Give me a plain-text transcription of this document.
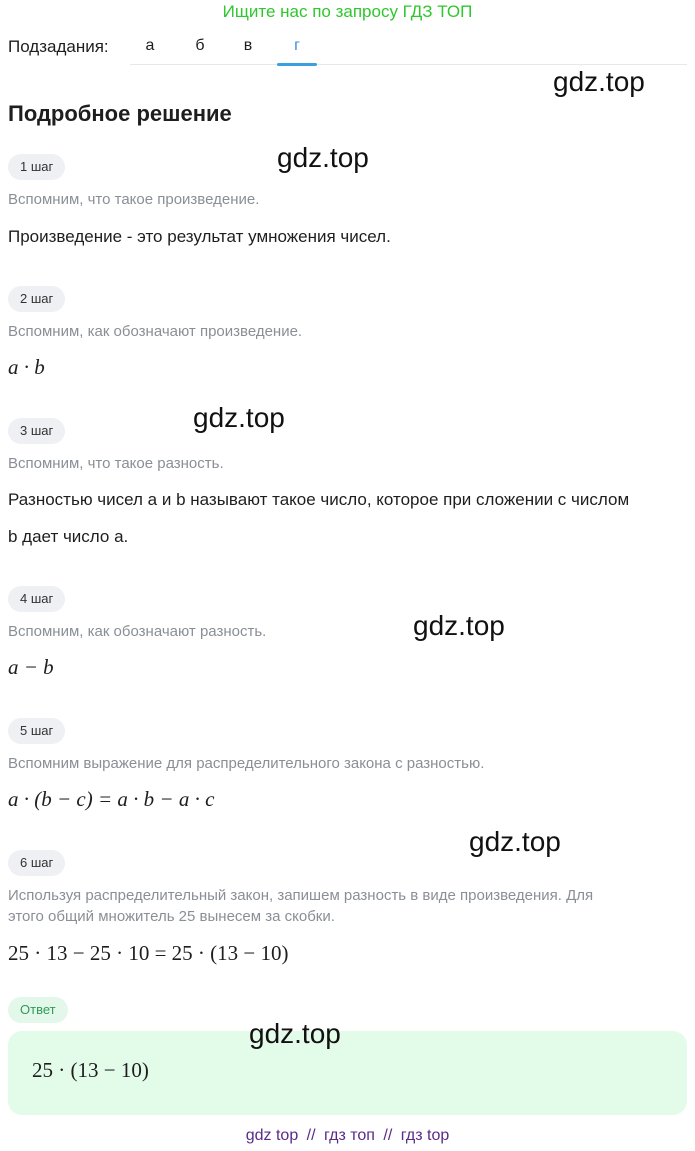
Ищите нас по запросу ГДЗ ТОП
Подзадания:	а	б	в	г
gdz.top
Подробное решение
gdz.top
1 шаг
Вспомним, что такое произведение.
Произведение - это результат умножения чисел.
2 шаг
Вспомним, как обозначают произведение.
a · b
gdz.top
3 шаг
Вспомним, что такое разность.
Разностью чисел a и b называют такое число, которое при сложении с числом
b дает число a.
4 шаг
Вспомним, как обозначают разность.	gdz.top
a − b
5 шаг
Вспомним выражение для распределительного закона с разностью.
a · (b − c) = a · b − a · c
gdz.top
6 шаг
Используя распределительный закон, запишем разность в виде произведения. Для
этого общий множитель 25 вынесем за скобки.
25 · 13 − 25 · 10 = 25 · (13 − 10)
Ответ
gdz.top
25 · (13 − 10)
gdz top // гдз топ // гдз top
